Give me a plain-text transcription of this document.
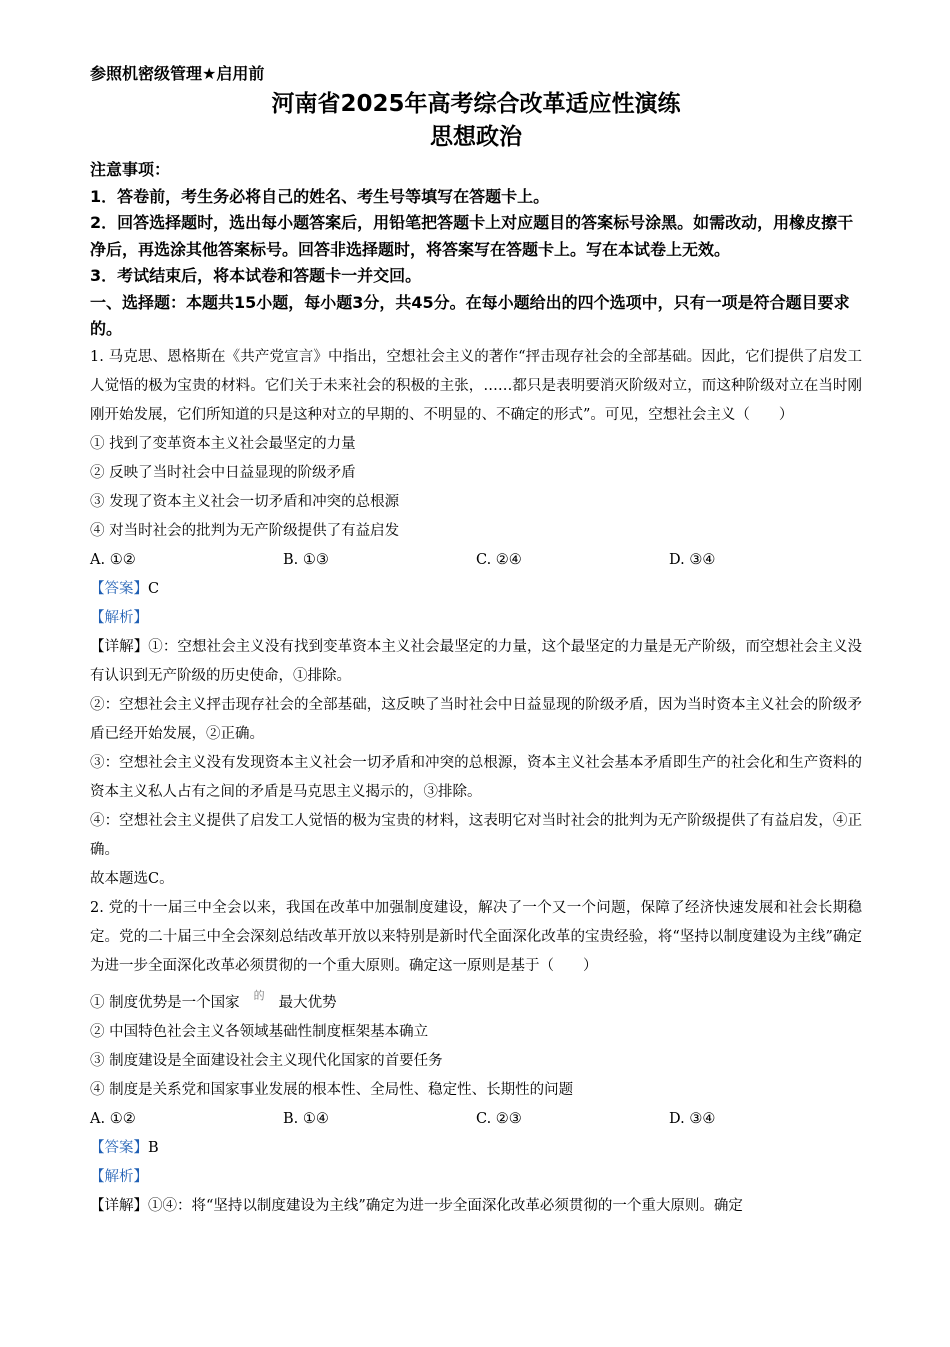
参照机密级管理★启用前
河南省2025年高考综合改革适应性演练
思想政治
注意事项：
1．答卷前，考生务必将自己的姓名、考生号等填写在答题卡上。
2．回答选择题时，选出每小题答案后，用铅笔把答题卡上对应题目的答案标号涂黑。如需改动，用橡皮擦干净后，再选涂其他答案标号。回答非选择题时，将答案写在答题卡上。写在本试卷上无效。
3．考试结束后，将本试卷和答题卡一并交回。
一、选择题：本题共15小题，每小题3分，共45分。在每小题给出的四个选项中，只有一项是符合题目要求的。
1. 马克思、恩格斯在《共产党宣言》中指出，空想社会主义的著作“抨击现存社会的全部基础。因此，它们提供了启发工人觉悟的极为宝贵的材料。它们关于未来社会的积极的主张，……都只是表明要消灭阶级对立，而这种阶级对立在当时刚刚开始发展，它们所知道的只是这种对立的早期的、不明显的、不确定的形式”。可见，空想社会主义（　　）
① 找到了变革资本主义社会最坚定的力量
② 反映了当时社会中日益显现的阶级矛盾
③ 发现了资本主义社会一切矛盾和冲突的总根源
④ 对当时社会的批判为无产阶级提供了有益启发
A. ①②	B. ①③	C. ②④	D. ③④
【答案】C
【解析】
【详解】①：空想社会主义没有找到变革资本主义社会最坚定的力量，这个最坚定的力量是无产阶级，而空想社会主义没有认识到无产阶级的历史使命，①排除。
②：空想社会主义抨击现存社会的全部基础，这反映了当时社会中日益显现的阶级矛盾，因为当时资本主义社会的阶级矛盾已经开始发展，②正确。
③：空想社会主义没有发现资本主义社会一切矛盾和冲突的总根源，资本主义社会基本矛盾即生产的社会化和生产资料的资本主义私人占有之间的矛盾是马克思主义揭示的，③排除。
④：空想社会主义提供了启发工人觉悟的极为宝贵的材料，这表明它对当时社会的批判为无产阶级提供了有益启发，④正确。
故本题选C。
2. 党的十一届三中全会以来，我国在改革中加强制度建设，解决了一个又一个问题，保障了经济快速发展和社会长期稳定。党的二十届三中全会深刻总结改革开放以来特别是新时代全面深化改革的宝贵经验，将“坚持以制度建设为主线”确定为进一步全面深化改革必须贯彻的一个重大原则。确定这一原则是基于（　　）
① 制度优势是一个国家 的 最大优势
② 中国特色社会主义各领域基础性制度框架基本确立
③ 制度建设是全面建设社会主义现代化国家的首要任务
④ 制度是关系党和国家事业发展的根本性、全局性、稳定性、长期性的问题
A. ①②	B. ①④	C. ②③	D. ③④
【答案】B
【解析】
【详解】①④：将“坚持以制度建设为主线”确定为进一步全面深化改革必须贯彻的一个重大原则。确定
